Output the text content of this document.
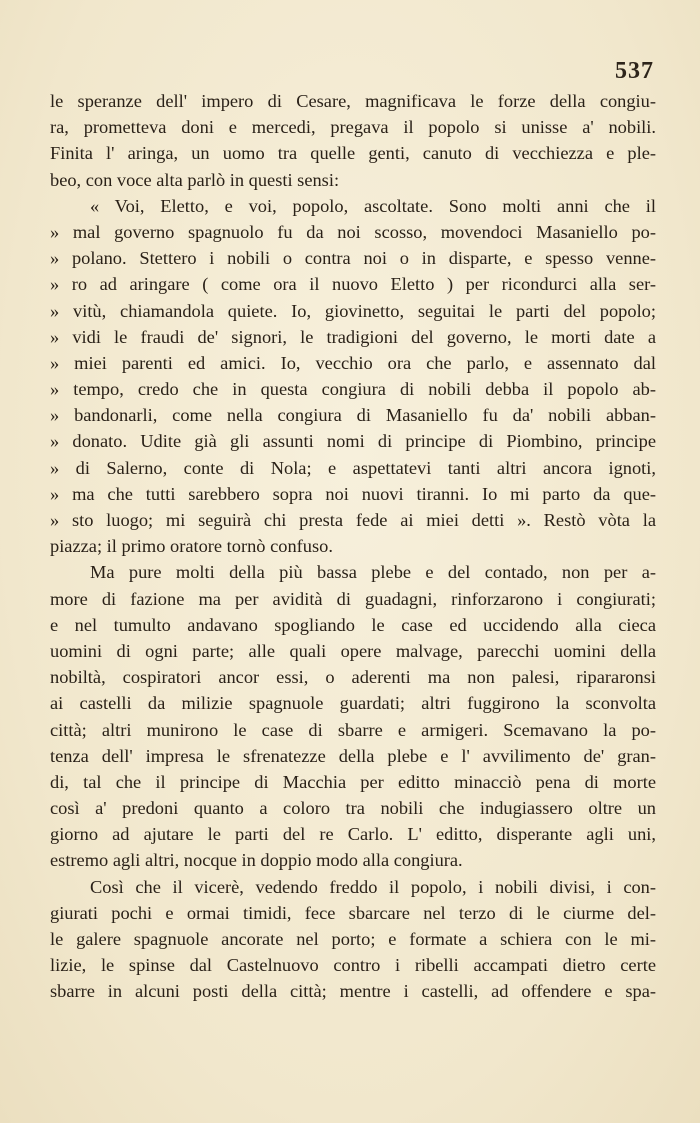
537
le speranze dell' impero di Cesare, magnificava le forze della congiu-
ra, prometteva doni e mercedi, pregava il popolo si unisse a' nobili.
Finita l' aringa, un uomo tra quelle genti, canuto di vecchiezza e ple-
beo, con voce alta parlò in questi sensi:
« Voi, Eletto, e voi, popolo, ascoltate. Sono molti anni che il
» mal governo spagnuolo fu da noi scosso, movendoci Masaniello po-
» polano. Stettero i nobili o contra noi o in disparte, e spesso venne-
» ro ad aringare ( come ora il nuovo Eletto ) per ricondurci alla ser-
» vitù, chiamandola quiete. Io, giovinetto, seguitai le parti del popolo;
» vidi le fraudi de' signori, le tradigioni del governo, le morti date a
» miei parenti ed amici. Io, vecchio ora che parlo, e assennato dal
» tempo, credo che in questa congiura di nobili debba il popolo ab-
» bandonarli, come nella congiura di Masaniello fu da' nobili abban-
» donato. Udite già gli assunti nomi di principe di Piombino, principe
» di Salerno, conte di Nola; e aspettatevi tanti altri ancora ignoti,
» ma che tutti sarebbero sopra noi nuovi tiranni. Io mi parto da que-
» sto luogo; mi seguirà chi presta fede ai miei detti ». Restò vòta la
piazza; il primo oratore tornò confuso.
Ma pure molti della più bassa plebe e del contado, non per a-
more di fazione ma per avidità di guadagni, rinforzarono i congiurati;
e nel tumulto andavano spogliando le case ed uccidendo alla cieca
uomini di ogni parte; alle quali opere malvage, parecchi uomini della
nobiltà, cospiratori ancor essi, o aderenti ma non palesi, ripararonsi
ai castelli da milizie spagnuole guardati; altri fuggirono la sconvolta
città; altri munirono le case di sbarre e armigeri. Scemavano la po-
tenza dell' impresa le sfrenatezze della plebe e l' avvilimento de' gran-
di, tal che il principe di Macchia per editto minacciò pena di morte
così a' predoni quanto a coloro tra nobili che indugiassero oltre un
giorno ad ajutare le parti del re Carlo. L' editto, disperante agli uni,
estremo agli altri, nocque in doppio modo alla congiura.
Così che il vicerè, vedendo freddo il popolo, i nobili divisi, i con-
giurati pochi e ormai timidi, fece sbarcare nel terzo di le ciurme del-
le galere spagnuole ancorate nel porto; e formate a schiera con le mi-
lizie, le spinse dal Castelnuovo contro i ribelli accampati dietro certe
sbarre in alcuni posti della città; mentre i castelli, ad offendere e spa-
